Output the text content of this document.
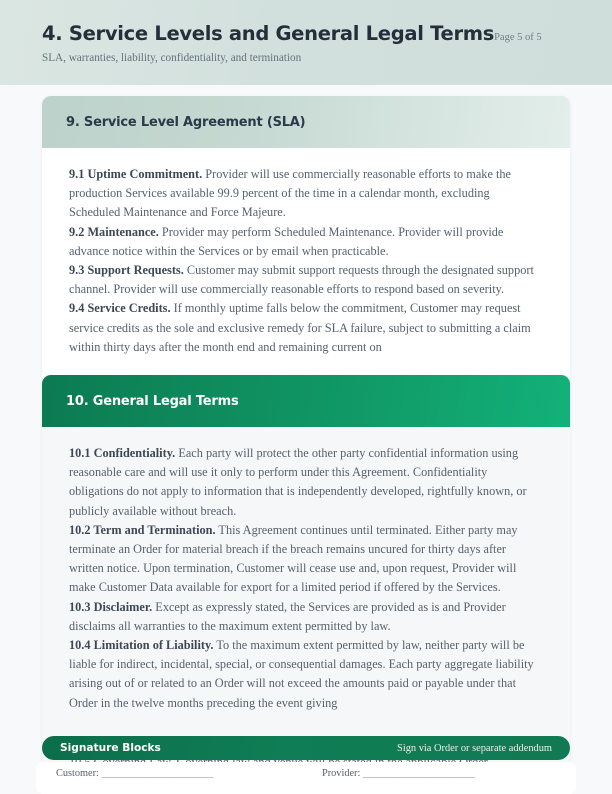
4. Service Levels and General Legal Terms Page 5 of 5
SLA, warranties, liability, confidentiality, and termination
9. Service Level Agreement (SLA)

9.1 Uptime Commitment. Provider will use commercially reasonable efforts to make the production Services available 99.9 percent of the time in a calendar month, excluding Scheduled Maintenance and Force Majeure.

9.2 Maintenance. Provider may perform Scheduled Maintenance. Provider will provide advance notice within the Services or by email when practicable.

9.3 Support Requests. Customer may submit support requests through the designated support channel. Provider will use commercially reasonable efforts to respond based on severity.

9.4 Service Credits. If monthly uptime falls below the commitment, Customer may request service credits as the sole and exclusive remedy for SLA failure, subject to submitting a claim within thirty days after the month end and remaining current on

10. General Legal Terms

10.1 Confidentiality. Each party will protect the other party confidential information using reasonable care and will use it only to perform under this Agreement. Confidentiality obligations do not apply to information that is independently developed, rightfully known, or publicly available without breach.

10.2 Term and Termination. This Agreement continues until terminated. Either party may terminate an Order for material breach if the breach remains uncured for thirty days after written notice. Upon termination, Customer will cease use and, upon request, Provider will make Customer Data available for export for a limited period if offered by the Services.

10.3 Disclaimer. Except as expressly stated, the Services are provided as is and Provider disclaims all warranties to the maximum extent permitted by law.

10.4 Limitation of Liability. To the maximum extent permitted by law, neither party will be liable for indirect, incidental, special, or consequential damages. Each party aggregate liability arising out of or related to an Order will not exceed the amounts paid or payable under that Order in the twelve months preceding the event giving

Signature Blocks	Sign via Order or separate addendum
Customer: ________________________	Provider: ________________________
